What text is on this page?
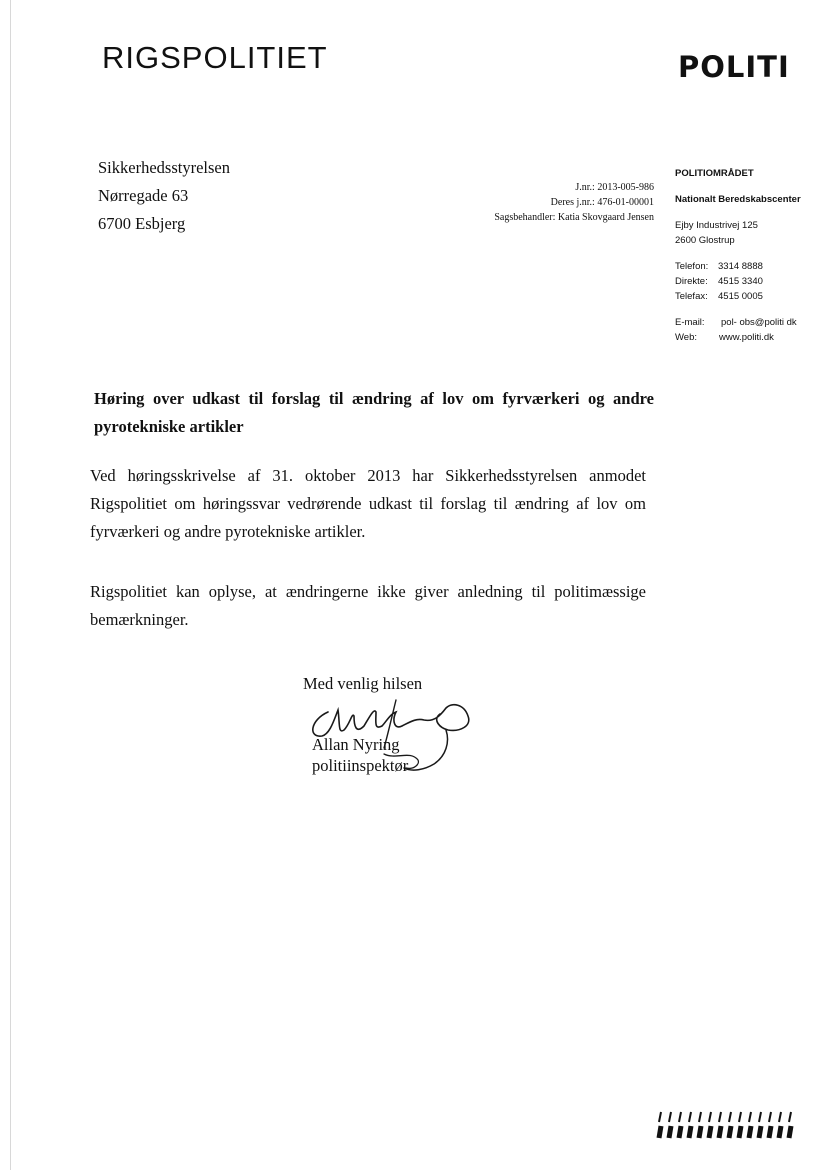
RIGSPOLITIET	POLITI
Sikkerhedsstyrelsen
Nørregade 63
6700 Esbjerg
J.nr.: 2013-005-986
Deres j.nr.: 476-01-00001
Sagsbehandler: Katia Skovgaard Jensen
POLITIOMRÅDET
Nationalt Beredskabscenter
Ejby Industrivej 125
2600 Glostrup
Telefon:	3314 8888
Direkte:	4515 3340
Telefax:	4515 0005
E-mail:	pol- obs@politi dk
Web:	www.politi.dk
Høring over udkast til forslag til ændring af lov om fyrværkeri og andre pyrotekniske artikler
Ved høringsskrivelse af 31. oktober 2013 har Sikkerhedsstyrelsen anmodet Rigspolitiet om høringssvar vedrørende udkast til forslag til ændring af lov om fyrværkeri og andre pyrotekniske artikler.
Rigspolitiet kan oplyse, at ændringerne ikke giver anledning til politimæssige bemærkninger.
Med venlig hilsen
Allan Nyring
politiinspektør
